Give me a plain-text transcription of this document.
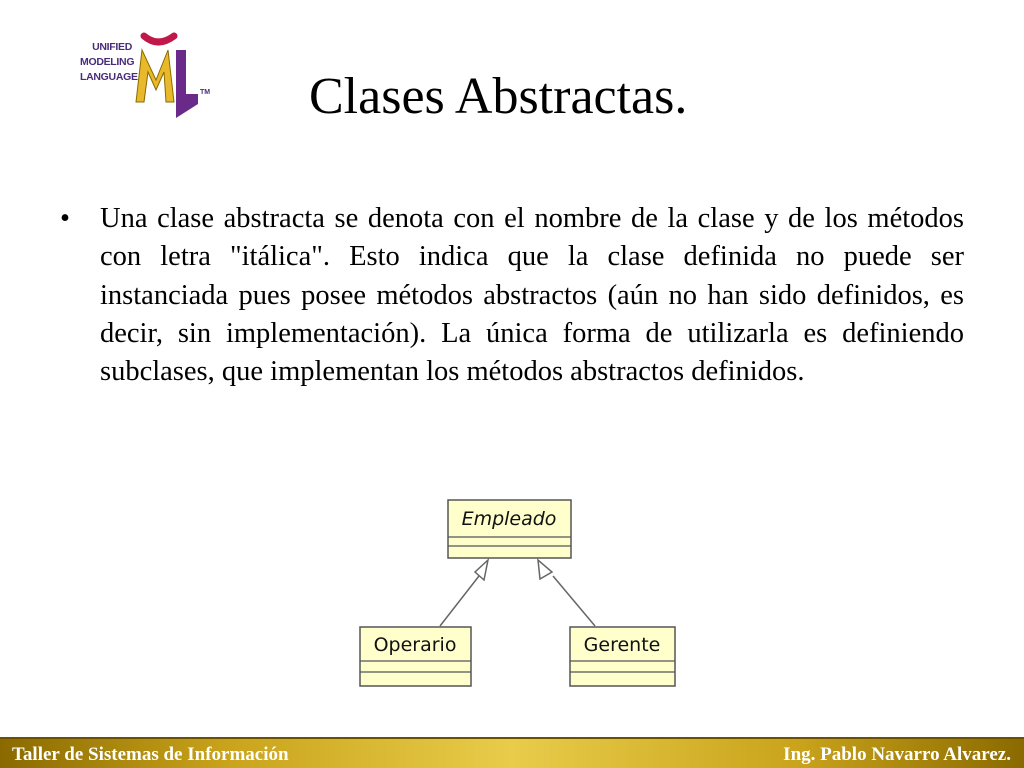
UNIFIED
MODELING
LANGUAGE
TM Clases Abstractas.
•	Una clase abstracta se denota con el nombre de la clase y de los métodos con letra "itálica". Esto indica que la clase definida no puede ser instanciada pues posee métodos abstractos (aún no han sido definidos, es decir, sin implementación). La única forma de utilizarla es definiendo subclases, que implementan los métodos abstractos definidos.

Empleado
Operario	Gerente
Taller de Sistemas de Información	Ing. Pablo Navarro Alvarez.
